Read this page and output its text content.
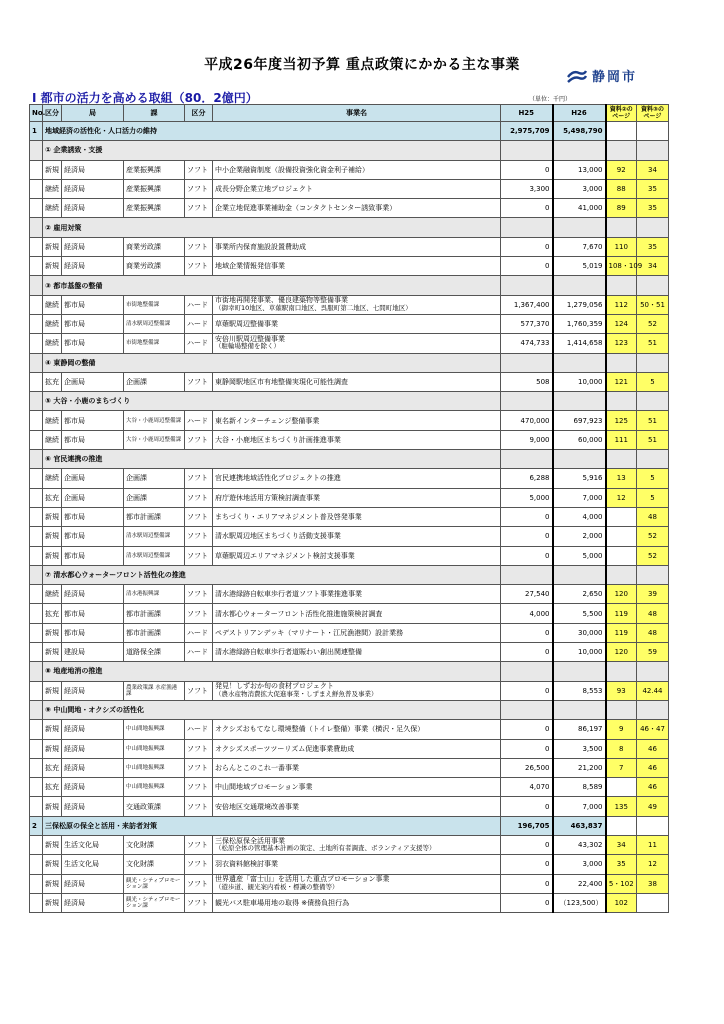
平成26年度当初予算 重点政策にかかる主な事業
静岡市
Ⅰ 都市の活力を高める取組（80．2億円）	（単位：千円）
No.	区分	局	課	区分	事業名	H25	H26	資料②の ページ	資料③の ページ
1	地域経済の活性化・人口活力の維持					2,975,709	5,498,790		
	① 企業誘致・支援								
	新規	経済局	産業振興課	ソフト	中小企業融資制度（設備投資強化資金利子補給）	0	13,000	92	34
	継続	経済局	産業振興課	ソフト	成長分野企業立地プロジェクト	3,300	3,000	88	35
	継続	経済局	産業振興課	ソフト	企業立地促進事業補助金（コンタクトセンター誘致事業）	0	41,000	89	35
	② 雇用対策								
	新規	経済局	商業労政課	ソフト	事業所内保育施設設置費助成	0	7,670	110	35
	新規	経済局	商業労政課	ソフト	地域企業情報発信事業	0	5,019	108・109	34
	③ 都市基盤の整備								
	継続	都市局	市街地整備課	ハード	市街地再開発事業、優良建築物等整備事業
（御幸町10地区、草薙駅南口地区、呉服町第二地区、七間町地区）	1,367,400	1,279,056	112	50・51
	継続	都市局	清水駅周辺整備課	ハード	草薙駅周辺整備事業	577,370	1,760,359	124	52
	継続	都市局	市街地整備課	ハード	安倍川駅周辺整備事業
（駐輪場整備を除く）	474,733	1,414,658	123	51
	④ 東静岡の整備								
	拡充	企画局	企画課	ソフト	東静岡駅地区市有地整備実現化可能性調査	508	10,000	121	5
	⑤ 大谷・小鹿のまちづくり								
	継続	都市局	大谷・小鹿周辺整備課	ハード	東名新インターチェンジ整備事業	470,000	697,923	125	51
	継続	都市局	大谷・小鹿周辺整備課	ソフト	大谷・小鹿地区まちづくり計画推進事業	9,000	60,000	111	51
	⑥ 官民連携の推進								
	継続	企画局	企画課	ソフト	官民連携地域活性化プロジェクトの推進	6,288	5,916	13	5
	拡充	企画局	企画課	ソフト	府庁遊休地活用方策検討調査事業	5,000	7,000	12	5
	新規	都市局	都市計画課	ソフト	まちづくり・エリアマネジメント普及啓発事業	0	4,000		48
	新規	都市局	清水駅周辺整備課	ソフト	清水駅周辺地区まちづくり活動支援事業	0	2,000		52
	新規	都市局	清水駅周辺整備課	ソフト	草薙駅周辺エリアマネジメント検討支援事業	0	5,000		52
	⑦ 清水都心ウォーターフロント活性化の推進								
	継続	経済局	清水港振興課	ソフト	清水港緑跡自転車歩行者道ソフト事業推進事業	27,540	2,650	120	39
	拡充	都市局	都市計画課	ソフト	清水都心ウォーターフロント活性化推進施策検討調査	4,000	5,500	119	48
	新規	都市局	都市計画課	ハード	ペデストリアンデッキ（マリナート・江尻漁港間）設計業務	0	30,000	119	48
	新規	建設局	道路保全課	ハード	清水港緑跡自転車歩行者道賑わい創出関連整備	0	10,000	120	59
	⑧ 地産地消の推進								
	新規	経済局	農業政策課 水産漁港課	ソフト	発見！しずおか旬の食材プロジェクト
（農水産物消費拡大促進事業・しずまえ鮮魚普及事業）	0	8,553	93	42.44
	⑨ 中山間地・オクシズの活性化								
	新規	経済局	中山間地振興課	ハード	オクシズおもてなし環境整備（トイレ整備）事業（横沢・足久保）	0	86,197	9	46・47
	新規	経済局	中山間地振興課	ソフト	オクシズスポーツツーリズム促進事業費助成	0	3,500	8	46
	拡充	経済局	中山間地振興課	ソフト	おらんとこのこれ一番事業	26,500	21,200	7	46
	拡充	経済局	中山間地振興課	ソフト	中山間地域プロモーション事業	4,070	8,589		46
	新規	経済局	交通政策課	ソフト	安倍地区交通環境改善事業	0	7,000	135	49
2	三保松原の保全と活用・来訪者対策					196,705	463,837		
	新規	生活文化局	文化財課	ソフト	三保松原保全活用事業
（松原全体の管理基本計画の策定、土地所有者調査、ボランティア支援等）	0	43,302	34	11
	新規	生活文化局	文化財課	ソフト	羽衣資料館検討事業	0	3,000	35	12
	新規	経済局	観光・シティプロモーション課	ソフト	世界遺産「富士山」を活用した重点プロモーション事業
（遊歩道、観光案内看板・標識の整備等）	0	22,400	5・102	38
	新規	経済局	観光・シティプロモーション課	ソフト	観光バス駐車場用地の取得 ※債務負担行為	0	（123,500）	102	
